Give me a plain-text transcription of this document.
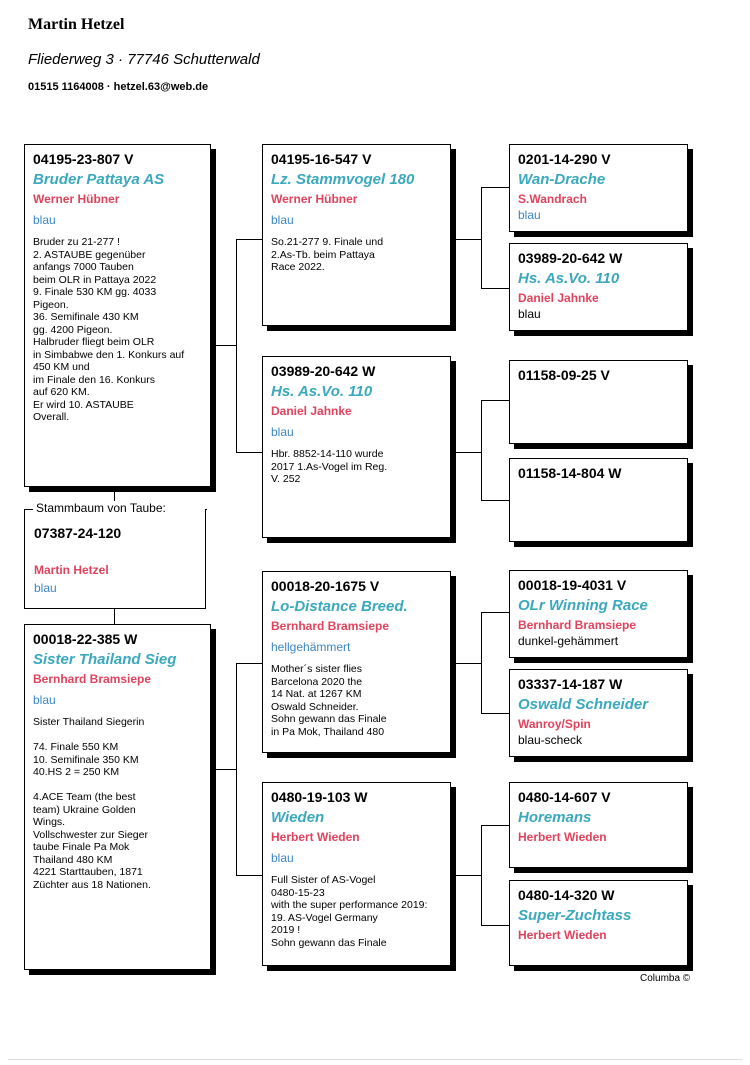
Martin Hetzel
Fliederweg 3 · 77746 Schutterwald
01515 1164008 · hetzel.63@web.de
04195-23-807 V
Bruder Pattaya AS
Werner Hübner
blau
Bruder zu 21-277 !
2. ASTAUBE gegenüber
anfangs 7000 Tauben
beim OLR in Pattaya 2022
9. Finale 530 KM gg. 4033
Pigeon.
36. Semifinale 430 KM
gg. 4200 Pigeon.
Halbruder fliegt beim OLR
in Simbabwe den 1. Konkurs auf
450 KM und
im Finale den 16. Konkurs
auf 620 KM.
Er wird 10. ASTAUBE
Overall.
Stammbaum von Taube:
07387-24-120
Martin Hetzel
blau
00018-22-385 W
Sister Thailand Sieg
Bernhard Bramsiepe
blau
Sister Thailand Siegerin

74. Finale 550 KM
10. Semifinale 350 KM
40.HS 2 = 250 KM

4.ACE Team (the best
team) Ukraine Golden
Wings.
Vollschwester zur Sieger
taube Finale Pa Mok
Thailand 480 KM
4221 Starttauben, 1871
Züchter aus 18 Nationen.
04195-16-547 V
Lz. Stammvogel 180
Werner Hübner
blau
So.21-277 9. Finale und
2.As-Tb. beim Pattaya
Race 2022.
03989-20-642 W
Hs. As.Vo. 110
Daniel Jahnke
blau
Hbr. 8852-14-110 wurde
2017 1.As-Vogel im Reg.
V. 252
00018-20-1675 V
Lo-Distance Breed.
Bernhard Bramsiepe
hellgehämmert
Mother´s sister flies
Barcelona 2020 the
14 Nat. at 1267 KM
Oswald Schneider.
Sohn gewann das Finale
in Pa Mok, Thailand 480
0480-19-103 W
Wieden
Herbert Wieden
blau
Full Sister of AS-Vogel
0480-15-23
with the super performance 2019:
19. AS-Vogel Germany
2019 !
Sohn gewann das Finale
0201-14-290 V
Wan-Drache
S.Wandrach
blau
03989-20-642 W
Hs. As.Vo. 110
Daniel Jahnke
blau
01158-09-25 V
01158-14-804 W
00018-19-4031 V
OLr Winning Race
Bernhard Bramsiepe
dunkel-gehämmert
03337-14-187 W
Oswald Schneider
Wanroy/Spin
blau-scheck
0480-14-607 V
Horemans
Herbert Wieden
0480-14-320 W
Super-Zuchtass
Herbert Wieden
Columba ©
